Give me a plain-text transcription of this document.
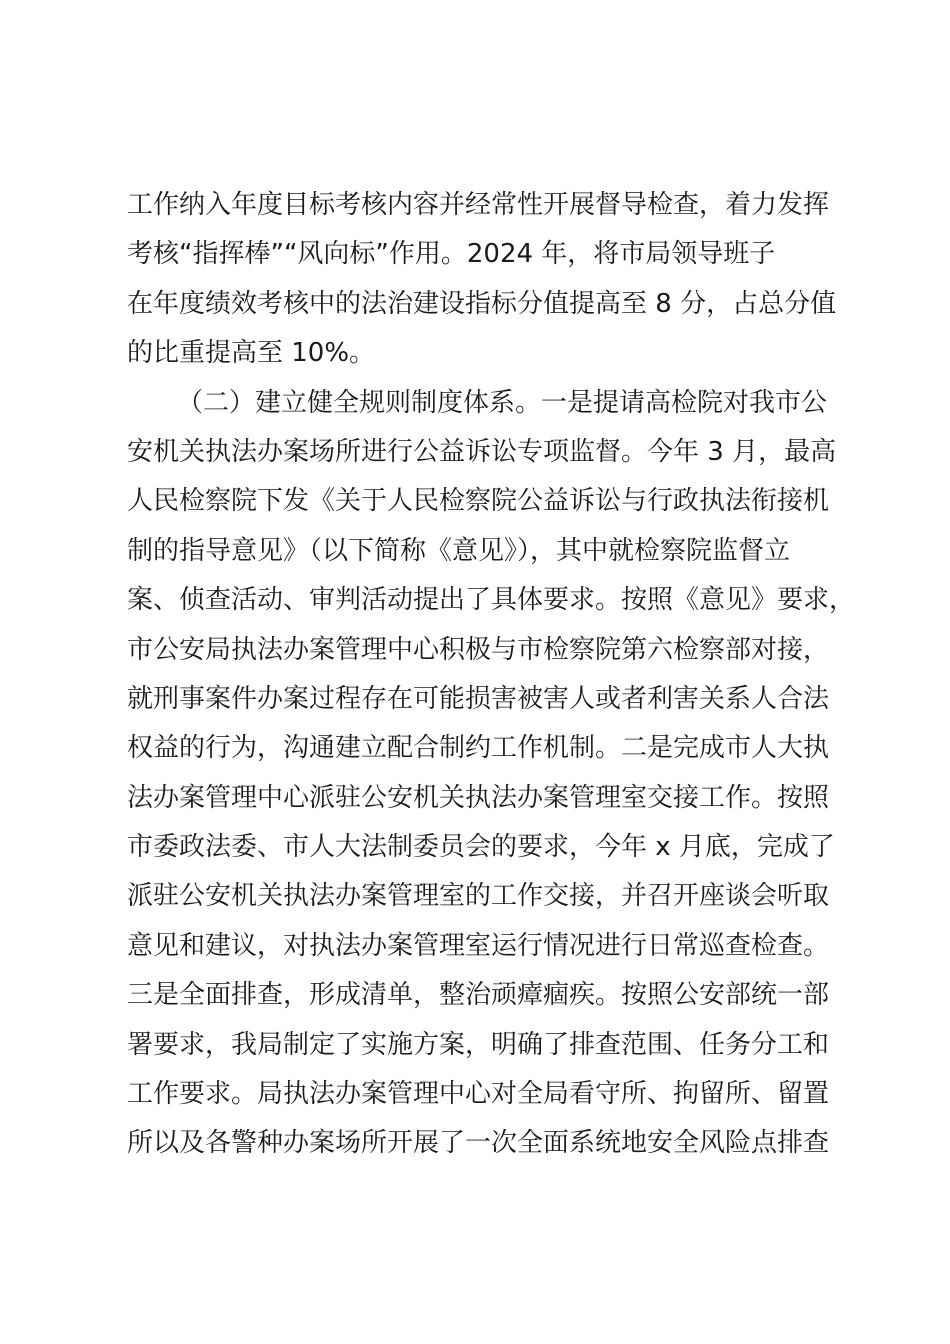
工作纳入年度目标考核内容并经常性开展督导检查，着力发挥
考核“指挥棒”“风向标”作用。2024 年，将市局领导班子
在年度绩效考核中的法治建设指标分值提高至 8 分，占总分值
的比重提高至 10%。
（二）建立健全规则制度体系。一是提请高检院对我市公
安机关执法办案场所进行公益诉讼专项监督。今年 3 月，最高
人民检察院下发《关于人民检察院公益诉讼与行政执法衔接机
制的指导意见》（以下简称《意见》），其中就检察院监督立
案、侦查活动、审判活动提出了具体要求。按照《意见》要求，
市公安局执法办案管理中心积极与市检察院第六检察部对接，
就刑事案件办案过程存在可能损害被害人或者利害关系人合法
权益的行为，沟通建立配合制约工作机制。二是完成市人大执
法办案管理中心派驻公安机关执法办案管理室交接工作。按照
市委政法委、市人大法制委员会的要求，今年 x 月底，完成了
派驻公安机关执法办案管理室的工作交接，并召开座谈会听取
意见和建议，对执法办案管理室运行情况进行日常巡查检查。
三是全面排查，形成清单，整治顽瘴痼疾。按照公安部统一部
署要求，我局制定了实施方案，明确了排查范围、任务分工和
工作要求。局执法办案管理中心对全局看守所、拘留所、留置
所以及各警种办案场所开展了一次全面系统地安全风险点排查
